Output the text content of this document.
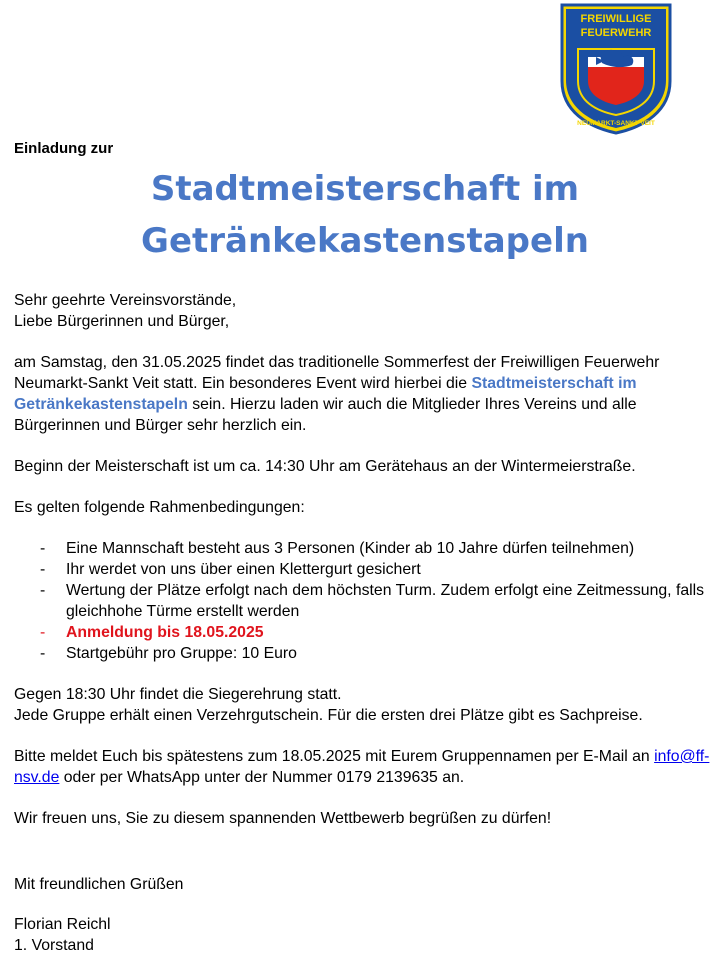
FREIWILLIGE
FEUERWEHR
NEUMARKT-SANKT VEIT
Einladung zur
Stadtmeisterschaft im
Getränkekastenstapeln

Sehr geehrte Vereinsvorstände,
Liebe Bürgerinnen und Bürger,

am Samstag, den 31.05.2025 findet das traditionelle Sommerfest der Freiwilligen Feuerwehr Neumarkt-Sankt Veit statt. Ein besonderes Event wird hierbei die Stadtmeisterschaft im Getränkekastenstapeln sein. Hierzu laden wir auch die Mitglieder Ihres Vereins und alle Bürgerinnen und Bürger sehr herzlich ein.

Beginn der Meisterschaft ist um ca. 14:30 Uhr am Gerätehaus an der Wintermeierstraße.

Es gelten folgende Rahmenbedingungen:

- Eine Mannschaft besteht aus 3 Personen (Kinder ab 10 Jahre dürfen teilnehmen)
- Ihr werdet von uns über einen Klettergurt gesichert
- Wertung der Plätze erfolgt nach dem höchsten Turm. Zudem erfolgt eine Zeitmessung, falls gleichhohe Türme erstellt werden
- Anmeldung bis 18.05.2025
- Startgebühr pro Gruppe: 10 Euro

Gegen 18:30 Uhr findet die Siegerehrung statt.
Jede Gruppe erhält einen Verzehrgutschein. Für die ersten drei Plätze gibt es Sachpreise.

Bitte meldet Euch bis spätestens zum 18.05.2025 mit Eurem Gruppennamen per E-Mail an info@ff-nsv.de oder per WhatsApp unter der Nummer 0179 2139635 an.

Wir freuen uns, Sie zu diesem spannenden Wettbewerb begrüßen zu dürfen!

Mit freundlichen Grüßen
Florian Reichl
1. Vorstand
